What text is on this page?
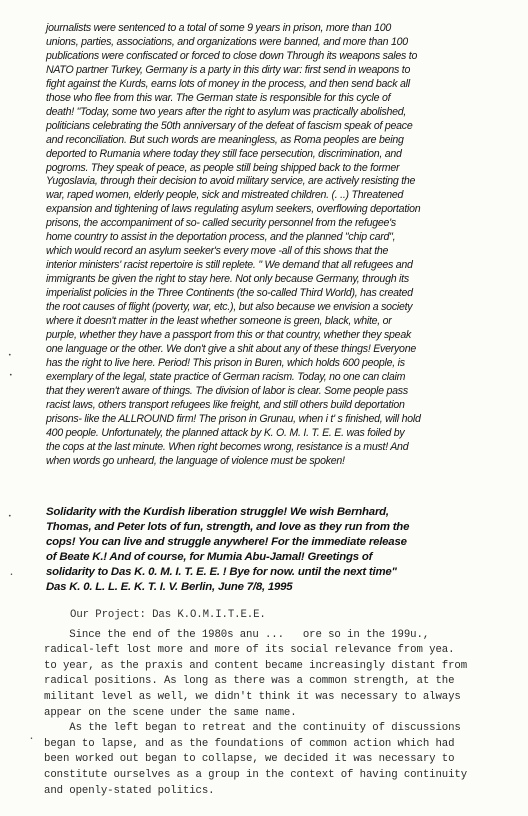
journalists were sentenced to a total of some 9 years in prison, more than 100
unions, parties, associations, and organizations were banned, and more than 100
publications were confiscated or forced to close down Through its weapons sales to
NATO partner Turkey, Germany is a party in this dirty war: first send in weapons to
fight against the Kurds, earns lots of money in the process, and then send back all
those who flee from this war. The German state is responsible for this cycle of
death! "Today, some two years after the right to asylum was practically abolished,
politicians celebrating the 50th anniversary of the defeat of fascism speak of peace
and reconciliation. But such words are meaningless, as Roma peoples are being
deported to Rumania where today they still face persecution, discrimination, and
pogroms. They speak of peace, as people still being shipped back to the former
Yugoslavia, through their decision to avoid military service, are actively resisting the
war, raped women, elderly people, sick and mistreated children. (. ..) Threatened
expansion and tightening of laws regulating asylum seekers, overflowing deportation
prisons, the accompaniment of so- called security personnel from the refugee's
home country to assist in the deportation process, and the planned "chip card",
which would record an asylum seeker's every move -all of this shows that the
interior ministers' racist repertoire is still replete. " We demand that all refugees and
immigrants be given the right to stay here. Not only because Germany, through its
imperialist policies in the Three Continents (the so-called Third World), has created
the root causes of flight (poverty, war, etc.), but also because we envision a society
where it doesn't matter in the least whether someone is green, black, white, or
purple, whether they have a passport from this or that country, whether they speak
one language or the other. We don't give a shit about any of these things! Everyone
has the right to live here. Period! This prison in Buren, which holds 600 people, is
exemplary of the legal, state practice of German racism. Today, no one can claim
that they weren't aware of things. The division of labor is clear. Some people pass
racist laws, others transport refugees like freight, and still others build deportation
prisons- like the ALLROUND firm! The prison in Grunau, when i t' s finished, will hold
400 people. Unfortunately, the planned attack by K. O. M. I. T. E. E. was foiled by
the cops at the last minute. When right becomes wrong, resistance is a must! And
when words go unheard, the language of violence must be spoken!
Solidarity with the Kurdish liberation struggle! We wish Bernhard,
Thomas, and Peter lots of fun, strength, and love as they run from the
cops! You can live and struggle anywhere! For the immediate release
of Beate K.! And of course, for Mumia Abu-Jamal! Greetings of
solidarity to Das K. 0. M. I. T. E. E. ! Bye for now. until the next time"
Das K. 0. L. L. E. K. T. I. V. Berlin, June 7/8, 1995
Our Project: Das K.O.M.I.T.E.E.
Since the end of the 1980s anu ...   ore so in the 199u.,
radical-left lost more and more of its social relevance from yea.
to year, as the praxis and content became increasingly distant from
radical positions. As long as there was a common strength, at the
militant level as well, we didn't think it was necessary to always
appear on the scene under the same name.
As the left began to retreat and the continuity of discussions
began to lapse, and as the foundations of common action which had
been worked out began to collapse, we decided it was necessary to
constitute ourselves as a group in the context of having continuity
and openly-stated politics.
•
•
•
•
•
